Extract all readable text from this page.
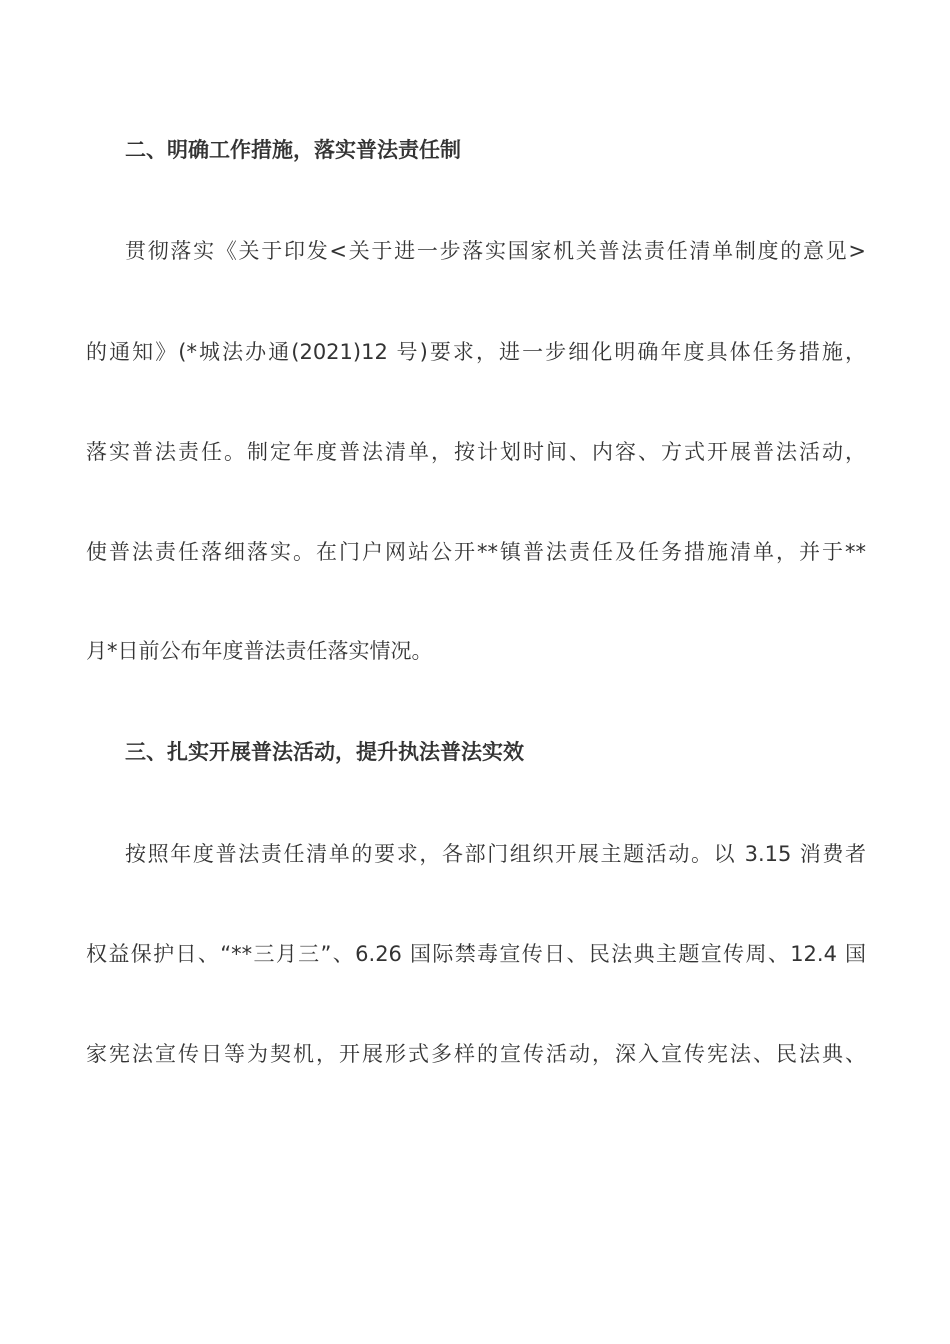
二、明确工作措施，落实普法责任制
贯彻落实《关于印发<关于进一步落实国家机关普法责任清单制度的意见>
的通知》(*城法办通(2021)12 号)要求，进一步细化明确年度具体任务措施，
落实普法责任。制定年度普法清单，按计划时间、内容、方式开展普法活动，
使普法责任落细落实。在门户网站公开**镇普法责任及任务措施清单，并于**
月*日前公布年度普法责任落实情况。
三、扎实开展普法活动，提升执法普法实效
按照年度普法责任清单的要求，各部门组织开展主题活动。以 3.15 消费者
权益保护日、“**三月三”、6.26 国际禁毒宣传日、民法典主题宣传周、12.4 国
家宪法宣传日等为契机，开展形式多样的宣传活动，深入宣传宪法、民法典、
